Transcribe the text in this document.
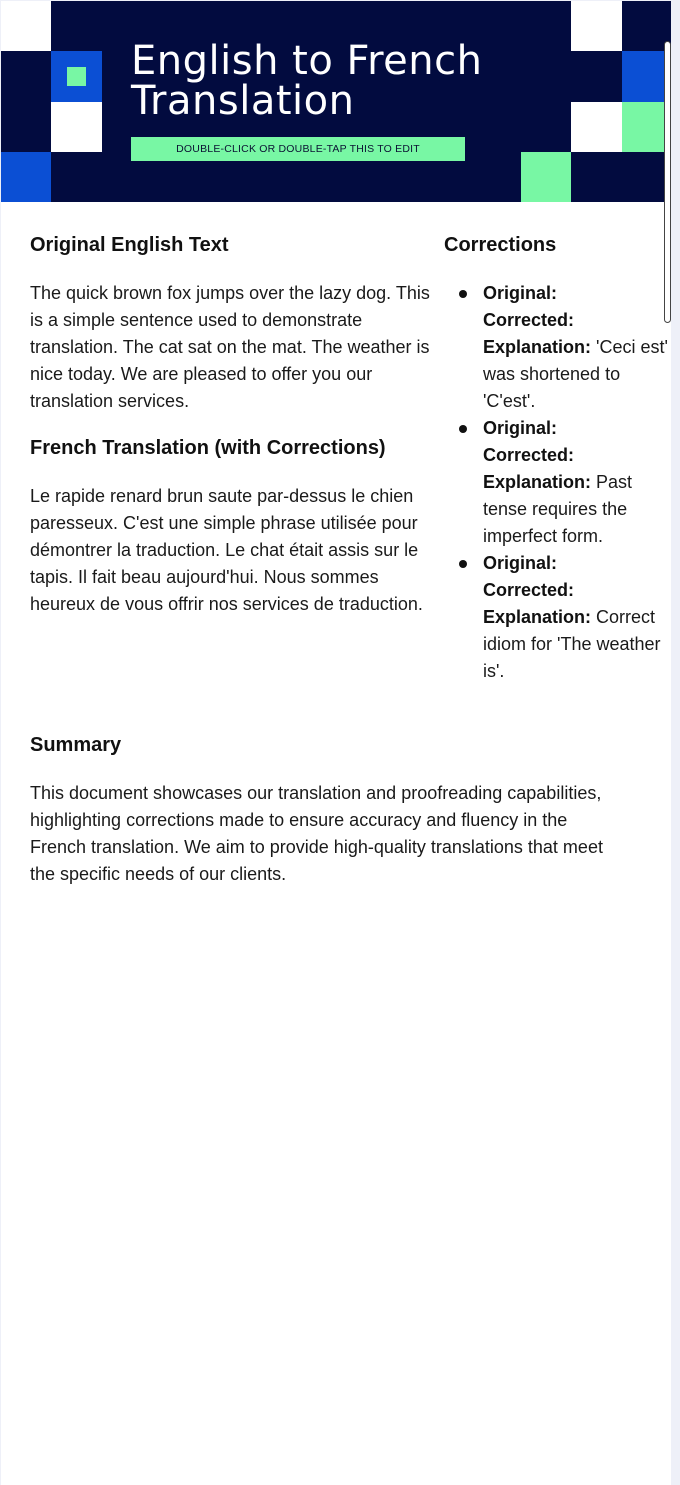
English to French Translation
DOUBLE-CLICK OR DOUBLE-TAP THIS TO EDIT
Original English Text

The quick brown fox jumps over the lazy dog. This is a simple sentence used to demonstrate translation. The cat sat on the mat. The weather is nice today. We are pleased to offer you our translation services.

French Translation (with Corrections)

Le rapide renard brun saute par-dessus le chien paresseux. C'est une simple phrase utilisée pour démontrer la traduction. Le chat était assis sur le tapis. Il fait beau aujourd'hui. Nous sommes heureux de vous offrir nos services de traduction.

Corrections
Original:
Corrected:
Explanation: 'Ceci est' was shortened to 'C'est'.
Original:
Corrected:
Explanation: Past tense requires the imperfect form.
Original:
Corrected:
Explanation: Correct idiom for 'The weather is'.
Summary

This document showcases our translation and proofreading capabilities, highlighting corrections made to ensure accuracy and fluency in the French translation. We aim to provide high-quality translations that meet the specific needs of our clients.
